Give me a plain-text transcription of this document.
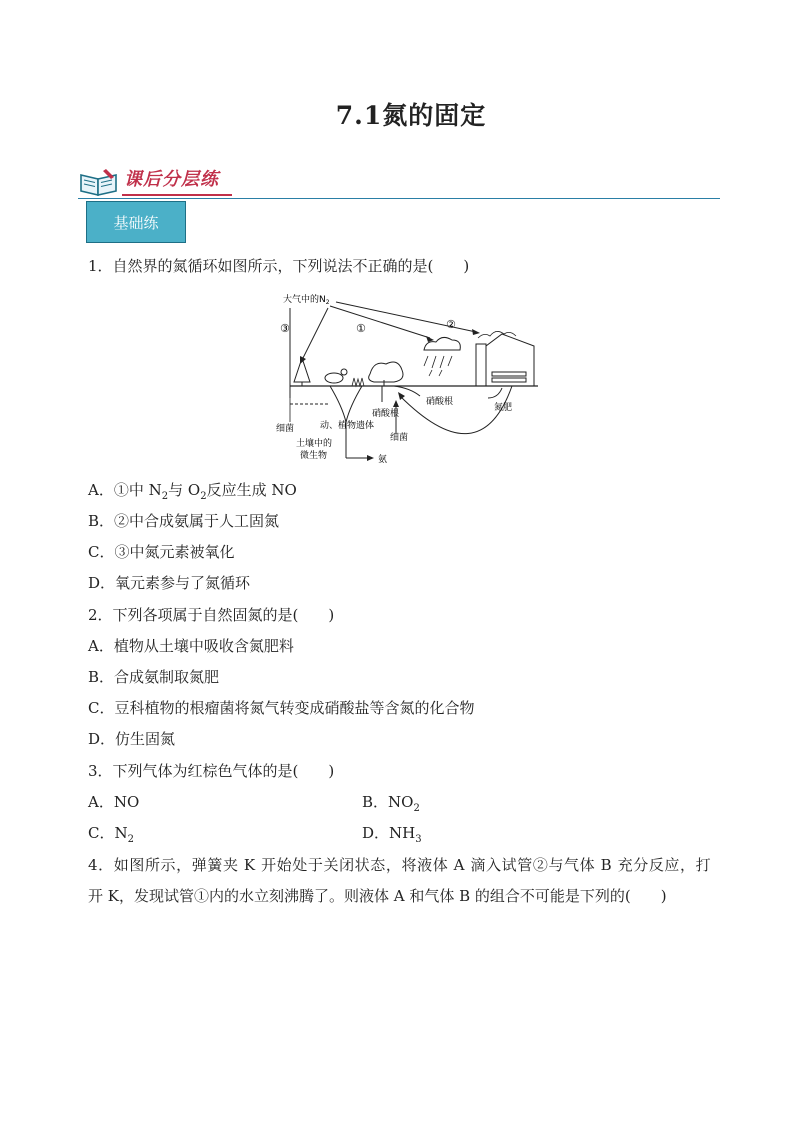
7.1氮的固定
课后分层练
基础练
1．自然界的氮循环如图所示，下列说法不正确的是(　　)
大气中的$N_2$
③	①	②
硝酸根
氮肥
硝酸根
细菌
动、植物遗体
细菌
土壤中的
微生物	氨
A．①中 $N_2$与 $O_2$反应生成 NO
B．②中合成氨属于人工固氮
C．③中氮元素被氧化
D．氧元素参与了氮循环
2．下列各项属于自然固氮的是(　　)
A．植物从土壤中吸收含氮肥料
B．合成氨制取氮肥
C．豆科植物的根瘤菌将氮气转变成硝酸盐等含氮的化合物
D．仿生固氮
3．下列气体为红棕色气体的是(　　)
A．NO	B．$NO_2$
C．$N_2$	D．$NH_3$
4．如图所示，弹簧夹 K 开始处于关闭状态，将液体 A 滴入试管②与气体 B 充分反应，打
开 K，发现试管①内的水立刻沸腾了。则液体 A 和气体 B 的组合不可能是下列的(　　)
